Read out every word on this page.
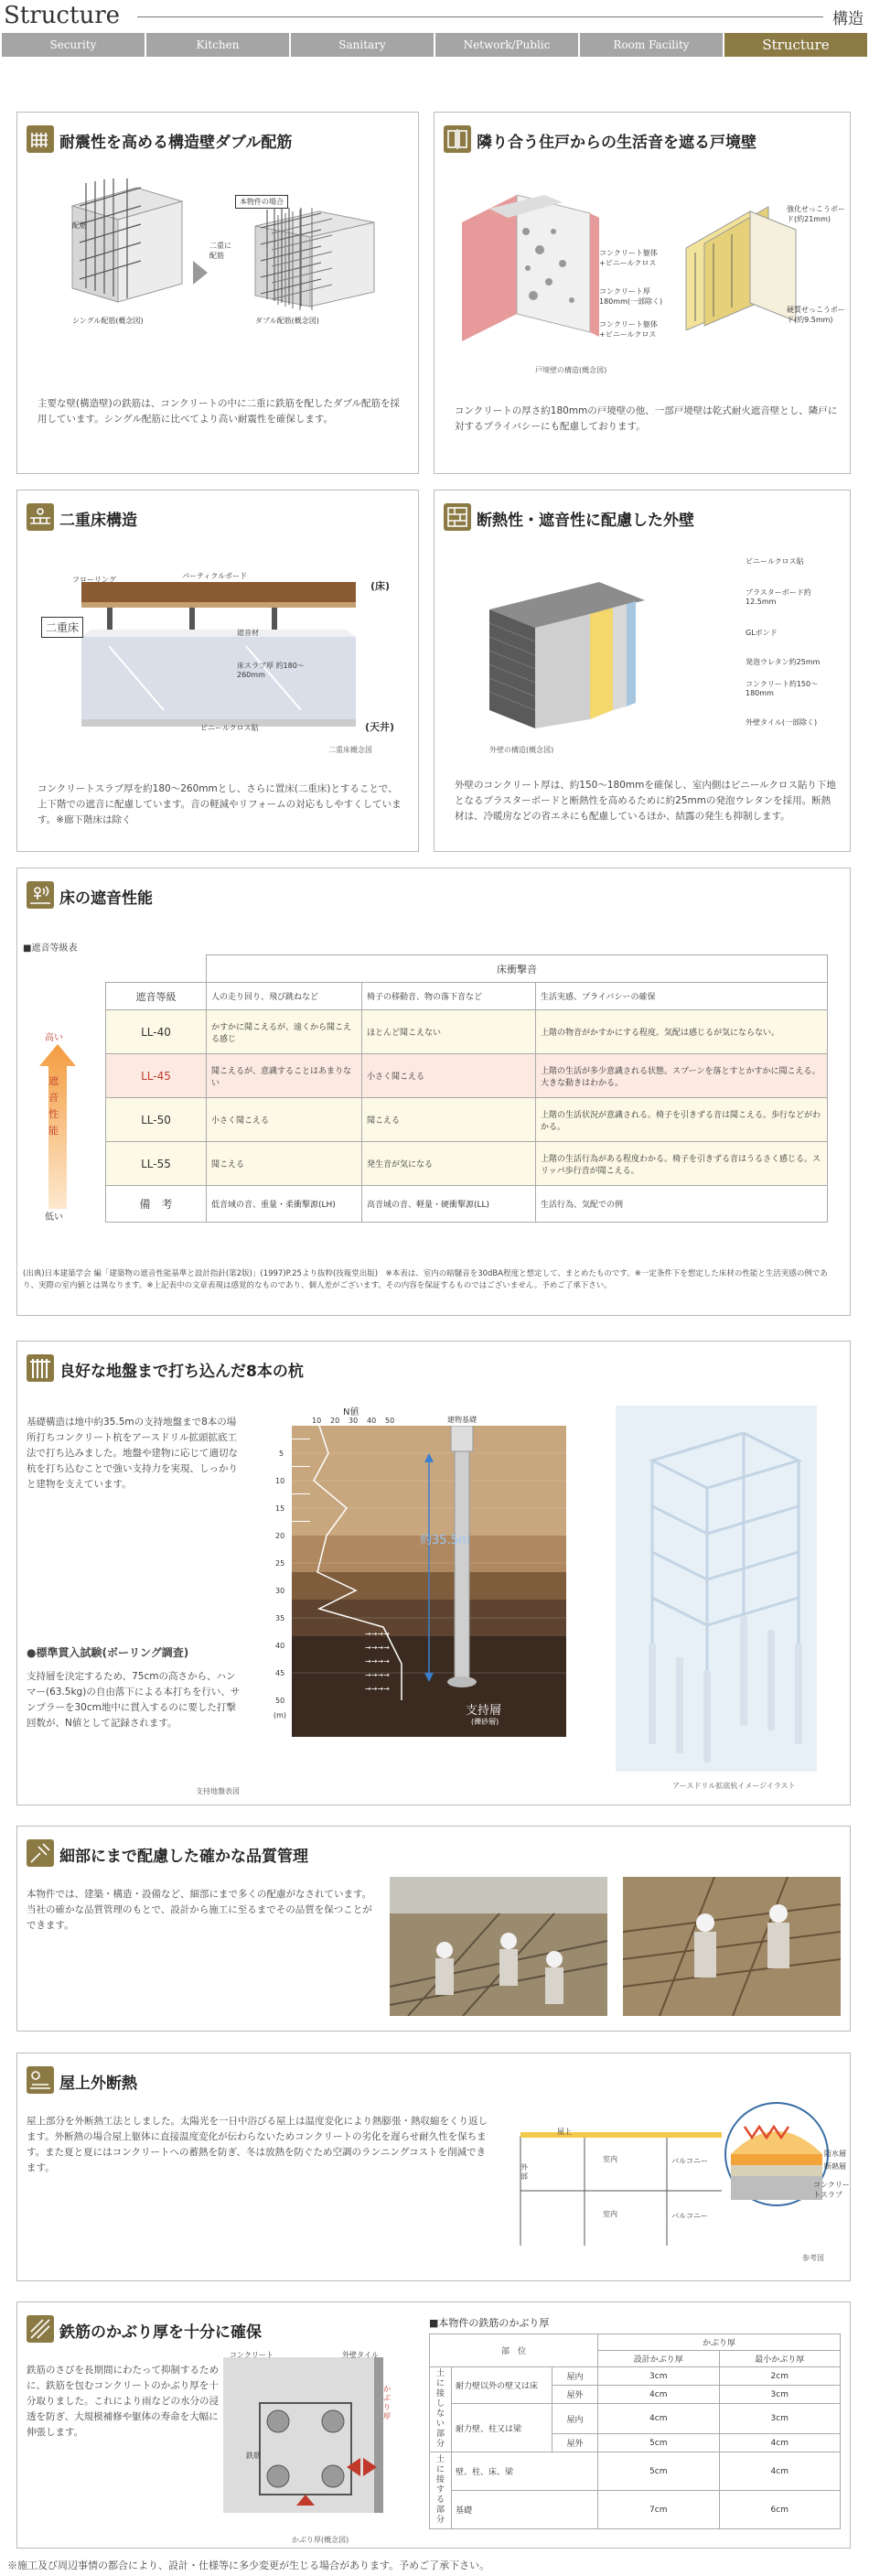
Structure	構造
Security	Kitchen	Sanitary	Network/Public	Room Facility	Structure
耐震性を高める構造壁ダブル配筋
配筋
シングル配筋(概念図)
本物件の場合
二重に配筋
ダブル配筋(概念図)
主要な壁(構造壁)の鉄筋は、コンクリートの中に二重に鉄筋を配したダブル配筋を採用しています。シングル配筋に比べてより高い耐震性を確保します。
隣り合う住戸からの生活音を遮る戸境壁
コンクリート躯体+ビニールクロス
コンクリート厚180mm(一部除く)
コンクリート躯体+ビニールクロス
戸境壁の構造(概念図)
強化せっこうボード(約21mm)
硬質せっこうボード(約9.5mm)
コンクリートの厚さ約180mmの戸境壁の他、一部戸境壁は乾式耐火遮音壁とし、隣戸に対するプライバシーにも配慮しております。
二重床構造
フローリング	パーティクルボード
(床)
二重床	遮音材
床スラブ厚 約180〜260mm
ビニールクロス貼	(天井)
二重床概念図
コンクリートスラブ厚を約180〜260mmとし、さらに置床(二重床)とすることで、上下階での遮音に配慮しています。音の軽減やリフォームの対応もしやすくしています。※廊下階床は除く
断熱性・遮音性に配慮した外壁
ビニールクロス貼
プラスターボード約12.5mm
GLボンド
発泡ウレタン約25mm
コンクリート約150〜180mm
外壁タイル(一部除く)
外壁の構造(概念図)
外壁のコンクリート厚は、約150〜180mmを確保し、室内側はビニールクロス貼り下地となるプラスターボードと断熱性を高めるために約25mmの発泡ウレタンを採用。断熱材は、冷暖房などの省エネにも配慮しているほか、結露の発生も抑制します。
床の遮音性能
■遮音等級表
高い
遮音性能
低い
	床衝撃音		
遮音等級	人の走り回り、飛び跳ねなど	椅子の移動音、物の落下音など	生活実感、プライバシーの確保
LL-40	かすかに聞こえるが、遠くから聞こえる感じ	ほとんど聞こえない	上階の物音がかすかにする程度。気配は感じるが気にならない。
LL-45	聞こえるが、意識することはあまりない	小さく聞こえる	上階の生活が多少意識される状態。スプーンを落とすとかすかに聞こえる。大きな動きはわかる。
LL-50	小さく聞こえる	聞こえる	上階の生活状況が意識される。椅子を引きずる音は聞こえる。歩行などがわかる。
LL-55	聞こえる	発生音が気になる	上階の生活行為がある程度わかる。椅子を引きずる音はうるさく感じる。スリッパ歩行音が聞こえる。
備　考	低音域の音、重量・柔衝撃源(LH)	高音域の音、軽量・硬衝撃源(LL)	生活行為、気配での例
(出典)日本建築学会 編「建築物の遮音性能基準と設計指針(第2版)」(1997)P.25より抜粋(技報堂出版)　※本表は、室内の暗騒音を30dBA程度と想定して、まとめたものです。※一定条件下を想定した床材の性能と生活実感の例であり、実際の室内値とは異なります。※上記表中の文章表現は感覚的なものであり、個人差がございます。その内容を保証するものではございません。予めご了承下さい。
良好な地盤まで打ち込んだ8本の杭
基礎構造は地中約35.5mの支持地盤まで8本の場所打ちコンクリート杭をアースドリル拡頭拡底工法で打ち込みました。地盤や建物に応じて適切な杭を打ち込むことで強い支持力を実現、しっかりと建物を支えています。
●標準貫入試験(ボーリング調査)
支持層を決定するため、75cmの高さから、ハンマー(63.5kg)の自由落下による本打ちを行い、サンプラーを30cm地中に貫入するのに要した打撃回数が、N値として記録されます。
N値
10 20 30 40 50
→→→→
→→→→
→→→→
→→→→
→→→→
5
10
15
20
25
30
35
40
45
50
(m)
建物基礎
約35.5m
支持層
(礫砂層)
支持地盤表図
アースドリル拡底杭イメージイラスト
細部にまで配慮した確かな品質管理
本物件では、建築・構造・設備など、細部にまで多くの配慮がなされています。当社の確かな品質管理のもとで、設計から施工に至るまでその品質を保つことができます。
屋上外断熱
屋上部分を外断熱工法としました。太陽光を一日中浴びる屋上は温度変化により熱膨張・熱収縮をくり返します。外断熱の場合屋上躯体に直接温度変化が伝わらないためコンクリートの劣化を遅らせ耐久性を保ちます。また夏と夏にはコンクリートへの蓄熱を防ぎ、冬は放熱を防ぐため空調のランニングコストを削減できます。
屋上
室内	バルコニー
室内	バルコニー
外部
防水層
断熱層
コンクリートスラブ
参考図
鉄筋のかぶり厚を十分に確保
鉄筋のさびを長期間にわたって抑制するために、鉄筋を包むコンクリートのかぶり厚を十分取りました。これにより雨などの水分の浸透を防ぎ、大規模補修や躯体の寿命を大幅に伸張します。
コンクリート	外壁タイル
鉄筋
かぶり厚
かぶり厚(概念図)
■本物件の鉄筋のかぶり厚
部　位			かぶり厚	
			設計かぶり厚	最小かぶり厚
土に接しない部分	耐力壁以外の壁又は床	屋内	3cm	2cm
		屋外	4cm	3cm
	耐力壁、柱又は梁	屋内	4cm	3cm
		屋外	5cm	4cm
土に接する部分	壁、柱、床、梁		5cm	4cm
	基礎		7cm	6cm
※施工及び周辺事情の都合により、設計・仕様等に多少変更が生じる場合があります。予めご了承下さい。
